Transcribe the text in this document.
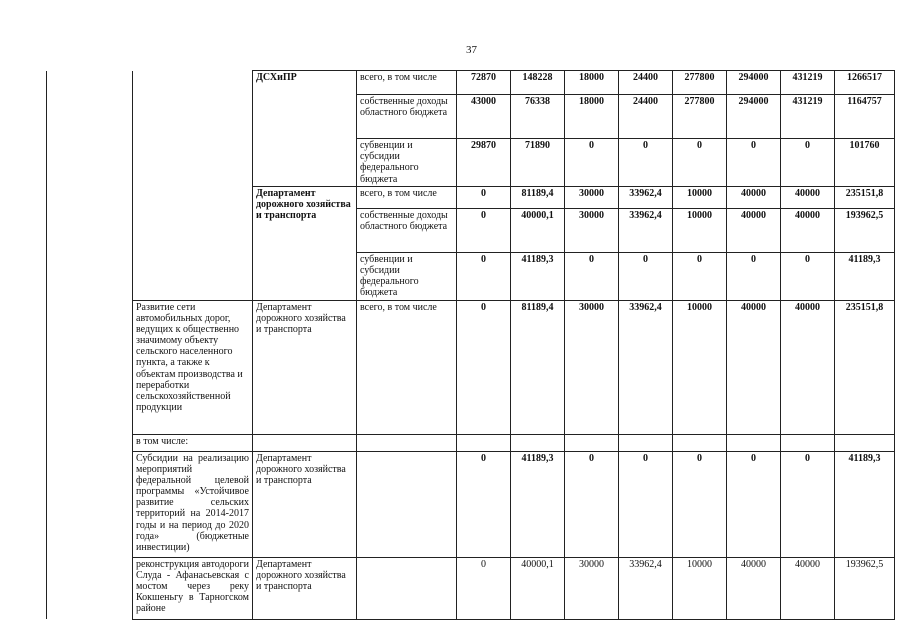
37
		ДСХиПР	всего, в том числе	72870	148228	18000	24400	277800	294000	431219	1266517
			собственные доходы областного бюджета	43000	76338	18000	24400	277800	294000	431219	1164757
			субвенции и субсидии федерального бюджета	29870	71890	0	0	0	0	0	101760
		Департамент дорожного хозяйства и транспорта	всего, в том числе	0	81189,4	30000	33962,4	10000	40000	40000	235151,8
			собственные доходы областного бюджета	0	40000,1	30000	33962,4	10000	40000	40000	193962,5
			субвенции и субсидии федерального бюджета	0	41189,3	0	0	0	0	0	41189,3
	Развитие сети автомобильных дорог, ведущих к общественно значимому объекту сельского населенного пункта, а также к объектам производства и переработки сельскохозяйственной продукции	Департамент дорожного хозяйства и транспорта	всего, в том числе	0	81189,4	30000	33962,4	10000	40000	40000	235151,8
	в том числе:										
	Субсидии на реализацию мероприятий федеральной целевой программы «Устойчивое развитие сельских территорий на 2014-2017 годы и на период до 2020 года» (бюджетные инвестиции)	Департамент дорожного хозяйства и транспорта		0	41189,3	0	0	0	0	0	41189,3
	реконструкция автодороги Слуда - Афанасьевская с мостом через реку Кокшеньгу в Тарногском районе	Департамент дорожного хозяйства и транспорта		0	40000,1	30000	33962,4	10000	40000	40000	193962,5
